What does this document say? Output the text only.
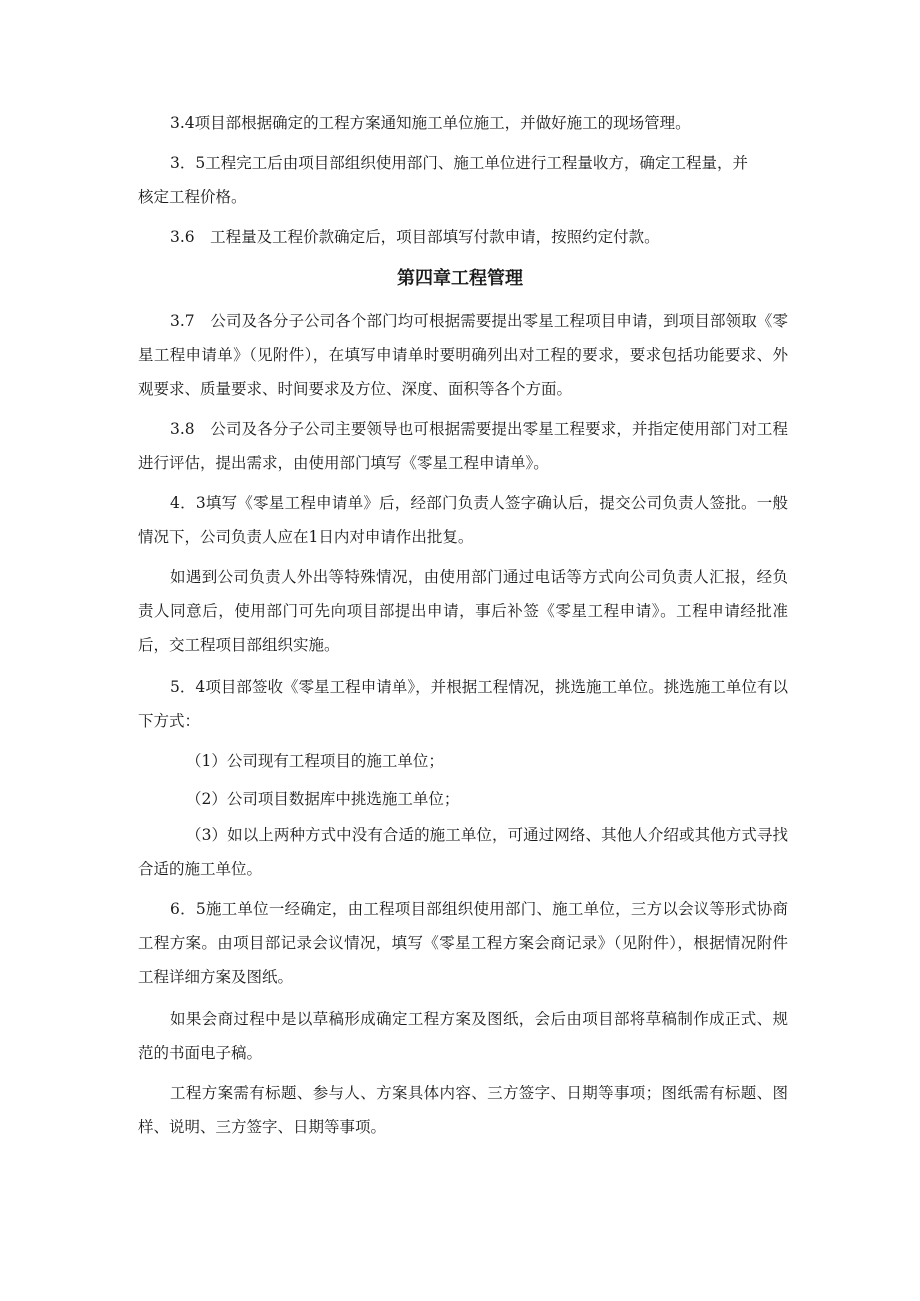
3.4项目部根据确定的工程方案通知施工单位施工，并做好施工的现场管理。

3．5工程完工后由项目部组织使用部门、施工单位进行工程量收方，确定工程量，并核定工程价格。

3.6　工程量及工程价款确定后，项目部填写付款申请，按照约定付款。

第四章工程管理

3.7　公司及各分子公司各个部门均可根据需要提出零星工程项目申请，到项目部领取《零星工程申请单》（见附件），在填写申请单时要明确列出对工程的要求，要求包括功能要求、外观要求、质量要求、时间要求及方位、深度、面积等各个方面。

3.8　公司及各分子公司主要领导也可根据需要提出零星工程要求，并指定使用部门对工程进行评估，提出需求，由使用部门填写《零星工程申请单》。

4．3填写《零星工程申请单》后，经部门负责人签字确认后，提交公司负责人签批。一般情况下，公司负责人应在1日内对申请作出批复。

如遇到公司负责人外出等特殊情况，由使用部门通过电话等方式向公司负责人汇报，经负责人同意后，使用部门可先向项目部提出申请，事后补签《零星工程申请》。工程申请经批准后，交工程项目部组织实施。

5．4项目部签收《零星工程申请单》，并根据工程情况，挑选施工单位。挑选施工单位有以下方式：

（1）公司现有工程项目的施工单位；

（2）公司项目数据库中挑选施工单位；

（3）如以上两种方式中没有合适的施工单位，可通过网络、其他人介绍或其他方式寻找合适的施工单位。

6．5施工单位一经确定，由工程项目部组织使用部门、施工单位，三方以会议等形式协商工程方案。由项目部记录会议情况，填写《零星工程方案会商记录》（见附件），根据情况附件工程详细方案及图纸。

如果会商过程中是以草稿形成确定工程方案及图纸，会后由项目部将草稿制作成正式、规范的书面电子稿。

工程方案需有标题、参与人、方案具体内容、三方签字、日期等事项；图纸需有标题、图样、说明、三方签字、日期等事项。
